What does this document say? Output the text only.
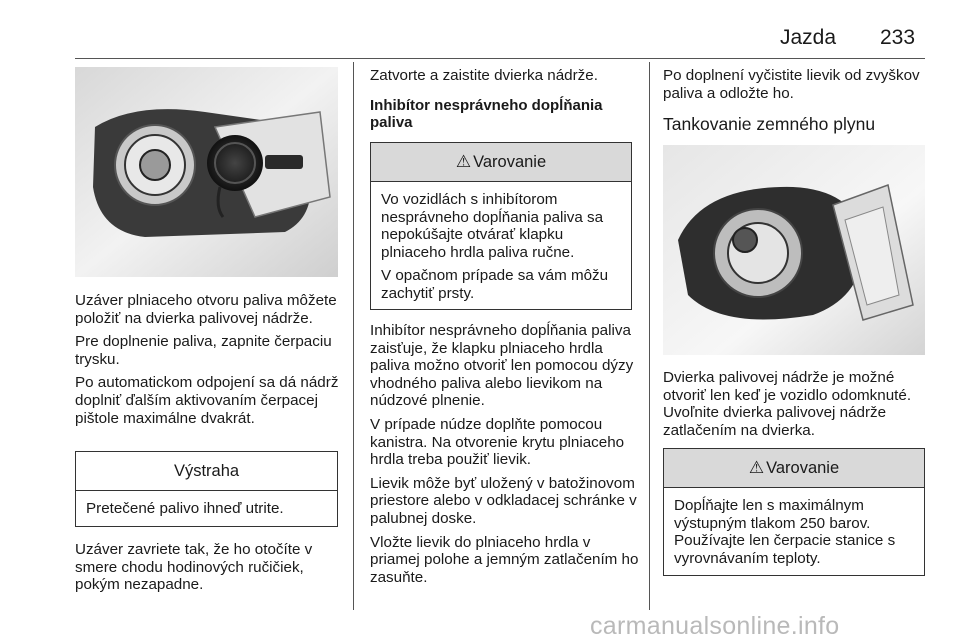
Jazda 233

Uzáver plniaceho otvoru paliva môžete položiť na dvierka palivovej nádrže.

Pre doplnenie paliva, zapnite čerpaciu trysku.

Po automatickom odpojení sa dá nádrž doplniť ďalším aktivovaním čerpacej pištole maximálne dvakrát.

Výstraha
Pretečené palivo ihneď utrite.

Uzáver zavriete tak, že ho otočíte v smere chodu hodinových ručičiek, pokým nezapadne.

Zatvorte a zaistite dvierka nádrže.

Inhibítor nesprávneho dopĺňania paliva

⚠ Varovanie

Vo vozidlách s inhibítorom nesprávneho dopĺňania paliva sa nepokúšajte otvárať klapku plniaceho hrdla paliva ručne.

V opačnom prípade sa vám môžu zachytiť prsty.

Inhibítor nesprávneho dopĺňania paliva zaisťuje, že klapku plniaceho hrdla paliva možno otvoriť len pomocou dýzy vhodného paliva alebo lievikom na núdzové plnenie.

V prípade núdze doplňte pomocou kanistra. Na otvorenie krytu plniaceho hrdla treba použiť lievik.

Lievik môže byť uložený v batožinovom priestore alebo v odkladacej schránke v palubnej doske.

Vložte lievik do plniaceho hrdla v priamej polohe a jemným zatlačením ho zasuňte.

Po doplnení vyčistite lievik od zvyškov paliva a odložte ho.

Tankovanie zemného plynu

Dvierka palivovej nádrže je možné otvoriť len keď je vozidlo odomknuté. Uvoľnite dvierka palivovej nádrže zatlačením na dvierka.

⚠ Varovanie
Dopĺňajte len s maximálnym výstupným tlakom 250 barov. Používajte len čerpacie stanice s vyrovnávaním teploty.
carmanualsonline.info
